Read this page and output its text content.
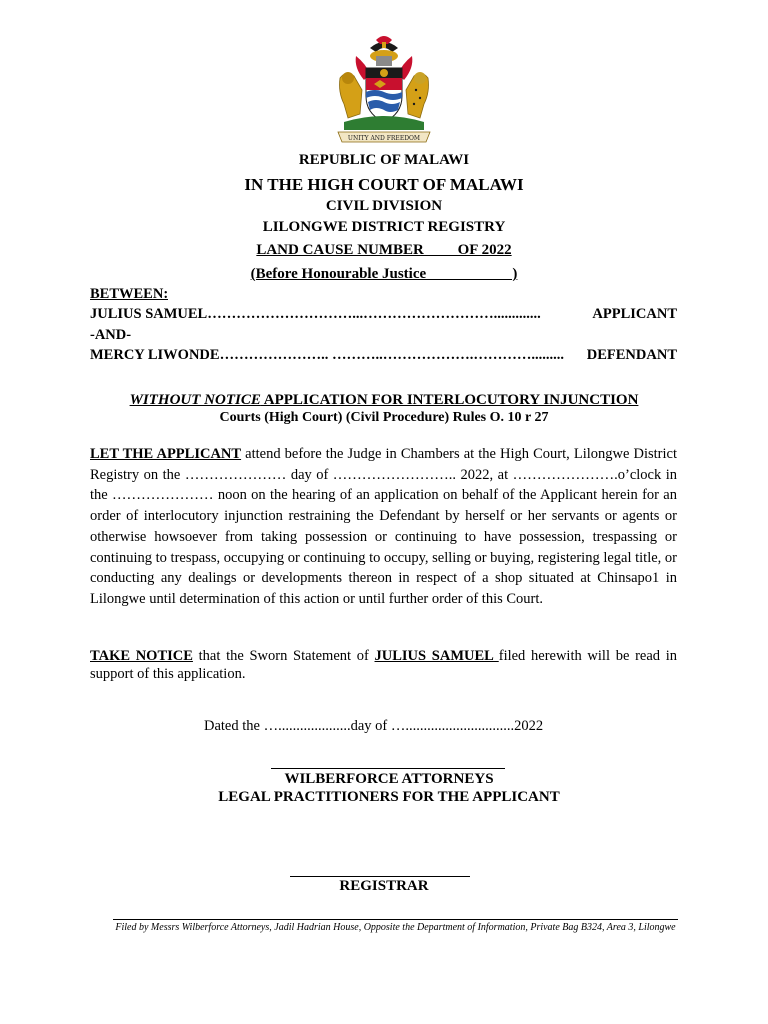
UNITY AND FREEDOM
REPUBLIC OF MALAWI
IN THE HIGH COURT OF MALAWI
CIVIL DIVISION
LILONGWE DISTRICT REGISTRY
LAND CAUSE NUMBER         OF 2022
(Before Honourable Justice                       )
BETWEEN:
JULIUS SAMUEL …………………………...……………………….............	APPLICANT
-AND-
MERCY LIWONDE ………………….. ………..……………….………….........	DEFENDANT
WITHOUT NOTICE APPLICATION FOR INTERLOCUTORY INJUNCTION
Courts (High Court) (Civil Procedure) Rules O. 10 r 27
LET THE APPLICANT attend before the Judge in Chambers at the High Court, Lilongwe District Registry on the ………………… day of …………………….. 2022, at ………………….o’clock in the ………………… noon on the hearing of an application on behalf of the Applicant herein for an order of interlocutory injunction restraining the Defendant by herself or her servants or agents or otherwise howsoever from taking possession or continuing to have possession, trespassing or continuing to trespass, occupying or continuing to occupy, selling or buying, registering legal title, or conducting any dealings or developments thereon in respect of a shop situated at Chinsapo1 in Lilongwe until determination of this action or until further order of this Court.
TAKE NOTICE that the Sworn Statement of JULIUS SAMUEL filed herewith will be read in support of this application.
Dated the …....................day of …..............................2022
WILBERFORCE ATTORNEYS
LEGAL PRACTITIONERS FOR THE APPLICANT
REGISTRAR
Filed by Messrs Wilberforce Attorneys, Jadil Hadrian House, Opposite the Department of Information, Private Bag B324, Area 3, Lilongwe
